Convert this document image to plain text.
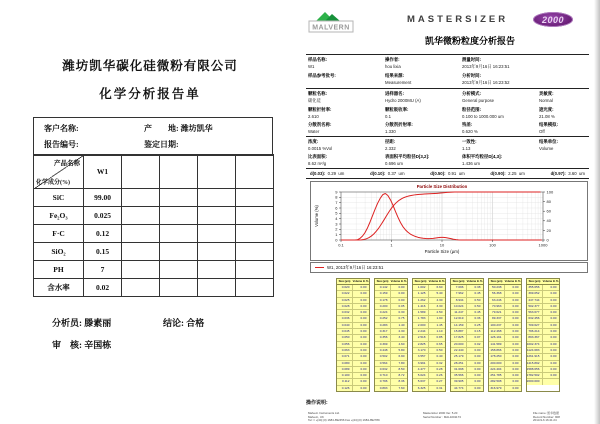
潍坊凯华碳化硅微粉有限公司
化学分析报告单
客户名称:	产　　地: 潍坊凯华
报告编号:	鉴定日期:
产品名称
化学成分(%)	W1				
SiC	99.00				
Fe₂O₃	0.025				
F·C	0.12				
SiO₂	0.15				
PH	7				
含水率	0.02				
分析员: 滕素丽	结论: 合格
审　核: 辛国栋
MALVERN
MASTERSIZER	2000
凯华微粉粒度分析报告
样品名称:
W1
操作者:
hou lixia
测量时间:
2013年9月16日 16:23:51
样品参考批号:
	结果来源:
Measurement
分析时间:
2013年9月16日 16:23:52
颗粒名称:
碳化硅
进样器名:
Hydro 2000MU (A)
分析模式:
General purpose
灵敏度:
Normal
颗粒折射率:
2.610
颗粒吸收率:
0.1
粒径范围:
0.100 to 1000.000 um
遮光度:
21.08 %
分散剂名称:
Water
分散剂折射率:
1.330
残差:
0.620 %
结果模拟:
Off
浓度:
0.0015 %Vol
径距:
2.332
一致性:
1.13
结果单位:
Volume
比表面积:
8.62 m²/g
表面积平均粒径D[3,2]:
0.696 um
体积平均粒径D[4,3]:
1.436 um

d(0.03):  0.29  um	d(0.10):  0.37  um	d(0.50):  0.91  um	d(0.90):  2.25  um	d(0.97):  3.60  um
0.1	1	10	100	1000
0
1
2
3
4
5
6
7
8
9
0
20
40
60
80
100
Particle Size Distribution
Particle Size (µm)
Volume (%)
W1, 2013年9月16日 16:23:51
Size (µm) Volume In %
0.020	0.00
0.022	0.00
0.025	0.00
0.028	0.00
0.032	0.00
0.036	0.00
0.040	0.00
0.045	0.00
0.050	0.00
0.056	0.00
0.063	0.00
0.071	0.00
0.080	0.00
0.089	0.00
0.100	0.00
0.112	0.00
0.126	0.00
Size (µm) Volume In %
0.142	0.00
0.159	0.00
0.178	0.00
0.200	0.05
0.224	0.30
0.252	0.75
0.283	1.40
0.317	2.30
0.356	3.40
0.399	4.60
0.448	5.80
0.502	6.90
0.564	7.80
0.632	8.50
0.710	8.72
0.796	8.36
0.893	7.60
Size (µm) Volume In %
1.002	6.60
1.125	5.40
1.262	4.30
1.416	3.30
1.589	2.50
1.783	1.90
2.000	1.45
2.244	1.10
2.518	0.85
2.825	0.65
3.170	0.50
3.557	0.40
3.991	0.32
4.477	0.28
5.024	0.26
5.637	0.27
6.325	0.31
Size (µm) Volume In %
7.096	0.38
7.962	0.45
8.934	0.50
10.024	0.50
11.247	0.45
12.619	0.36
14.159	0.25
15.887	0.15
17.825	0.07
20.000	0.02
22.440	0.00
25.179	0.00
28.251	0.00
31.698	0.00
35.566	0.00
39.905	0.00
44.774	0.00
Size (µm) Volume In %
50.238	0.00
56.368	0.00
63.246	0.00
70.963	0.00
79.621	0.00
89.337	0.00
100.237	0.00
112.468	0.00
126.191	0.00
141.589	0.00
158.866	0.00
178.250	0.00
200.000	0.00
224.404	0.00
251.785	0.00
282.508	0.00
316.979	0.00
Size (µm) Volume In %
355.656	0.00
399.052	0.00
447.744	0.00
502.377	0.00
563.677	0.00
632.456	0.00
709.627	0.00
796.214	0.00
893.367	0.00
1002.374	0.00
1124.683	0.00
1261.915	0.00
1415.892	0.00
1588.656	0.00
1782.502	0.00
2000.000
操作说明:
Malvern Instruments Ltd.
Malvern, UK
Tel := +[44] (0) 1684-892456 Fax +[44] (0) 1684-892789
Mastersizer 2000 Ver. 5.20
Serial Number : MAL1001173
File name: 凯华数据
Record Number: 908
2013-9-6 16:41:24
